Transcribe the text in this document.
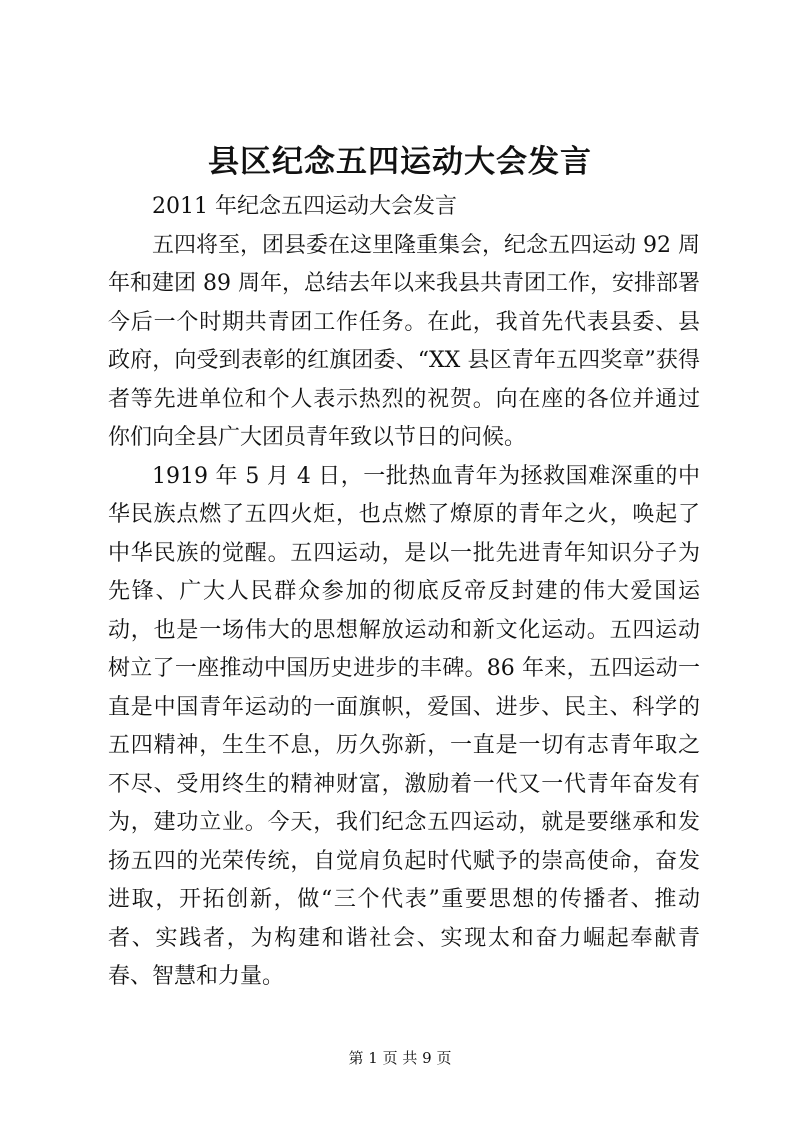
县区纪念五四运动大会发言

2011 年纪念五四运动大会发言

五四将至，团县委在这里隆重集会，纪念五四运动 92 周年和建团 89 周年，总结去年以来我县共青团工作，安排部署今后一个时期共青团工作任务。在此，我首先代表县委、县政府，向受到表彰的红旗团委、“XX 县区青年五四奖章”获得者等先进单位和个人表示热烈的祝贺。向在座的各位并通过你们向全县广大团员青年致以节日的问候。

1919 年 5 月 4 日，一批热血青年为拯救国难深重的中华民族点燃了五四火炬，也点燃了燎原的青年之火，唤起了中华民族的觉醒。五四运动，是以一批先进青年知识分子为先锋、广大人民群众参加的彻底反帝反封建的伟大爱国运动，也是一场伟大的思想解放运动和新文化运动。五四运动树立了一座推动中国历史进步的丰碑。86 年来，五四运动一直是中国青年运动的一面旗帜，爱国、进步、民主、科学的五四精神，生生不息，历久弥新，一直是一切有志青年取之不尽、受用终生的精神财富，激励着一代又一代青年奋发有为，建功立业。今天，我们纪念五四运动，就是要继承和发扬五四的光荣传统，自觉肩负起时代赋予的崇高使命，奋发进取，开拓创新，做“三个代表”重要思想的传播者、推动者、实践者，为构建和谐社会、实现太和奋力崛起奉献青春、智慧和力量。

第 1 页 共 9 页
